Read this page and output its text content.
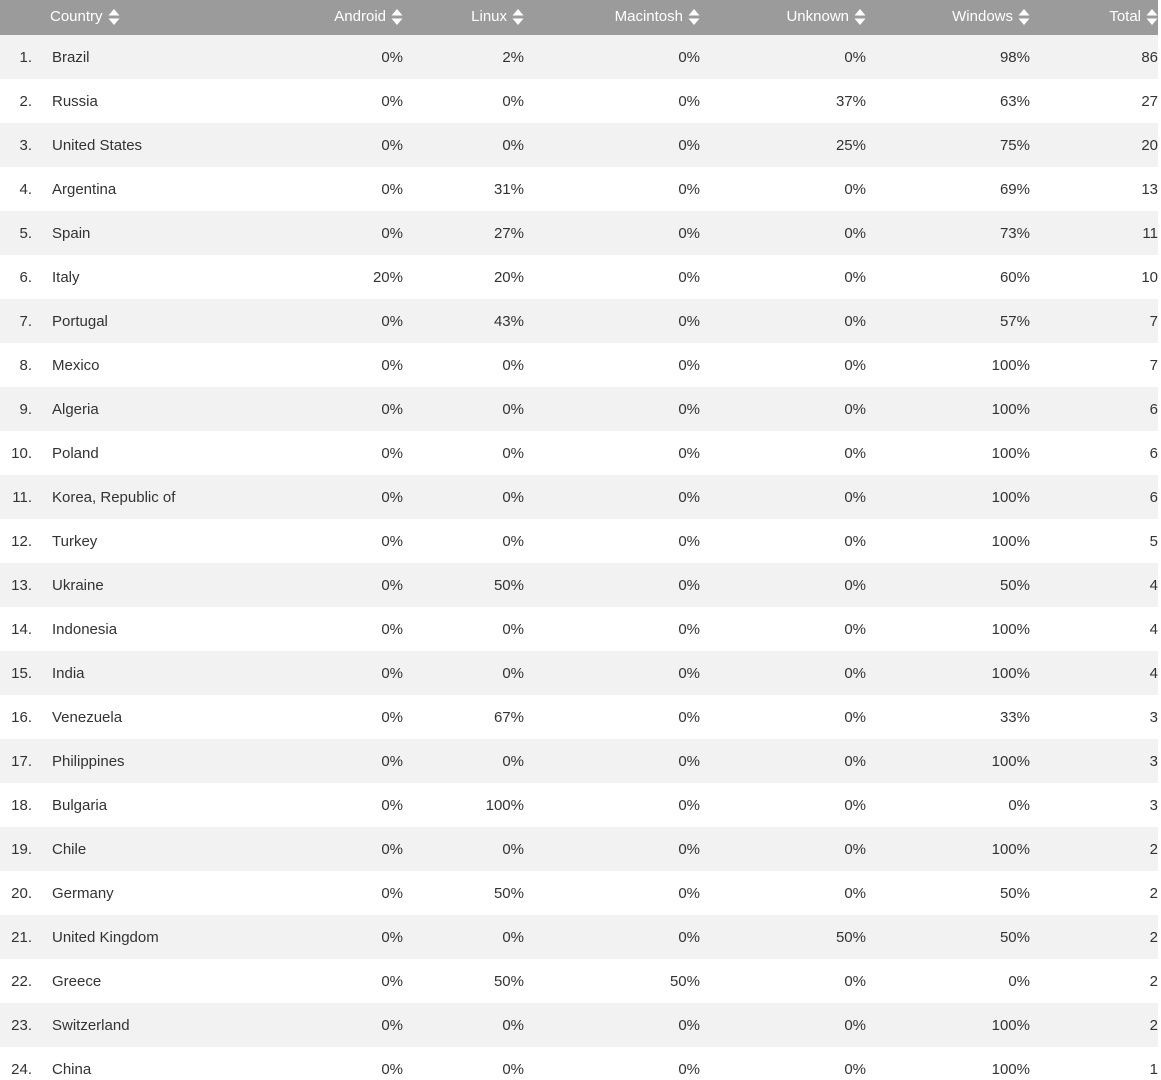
	Country	Android	Linux	Macintosh	Unknown	Windows	Total
1.	Brazil	0%	2%	0%	0%	98%	86
2.	Russia	0%	0%	0%	37%	63%	27
3.	United States	0%	0%	0%	25%	75%	20
4.	Argentina	0%	31%	0%	0%	69%	13
5.	Spain	0%	27%	0%	0%	73%	11
6.	Italy	20%	20%	0%	0%	60%	10
7.	Portugal	0%	43%	0%	0%	57%	7
8.	Mexico	0%	0%	0%	0%	100%	7
9.	Algeria	0%	0%	0%	0%	100%	6
10.	Poland	0%	0%	0%	0%	100%	6
11.	Korea, Republic of	0%	0%	0%	0%	100%	6
12.	Turkey	0%	0%	0%	0%	100%	5
13.	Ukraine	0%	50%	0%	0%	50%	4
14.	Indonesia	0%	0%	0%	0%	100%	4
15.	India	0%	0%	0%	0%	100%	4
16.	Venezuela	0%	67%	0%	0%	33%	3
17.	Philippines	0%	0%	0%	0%	100%	3
18.	Bulgaria	0%	100%	0%	0%	0%	3
19.	Chile	0%	0%	0%	0%	100%	2
20.	Germany	0%	50%	0%	0%	50%	2
21.	United Kingdom	0%	0%	0%	50%	50%	2
22.	Greece	0%	50%	50%	0%	0%	2
23.	Switzerland	0%	0%	0%	0%	100%	2
24.	China	0%	0%	0%	0%	100%	1
